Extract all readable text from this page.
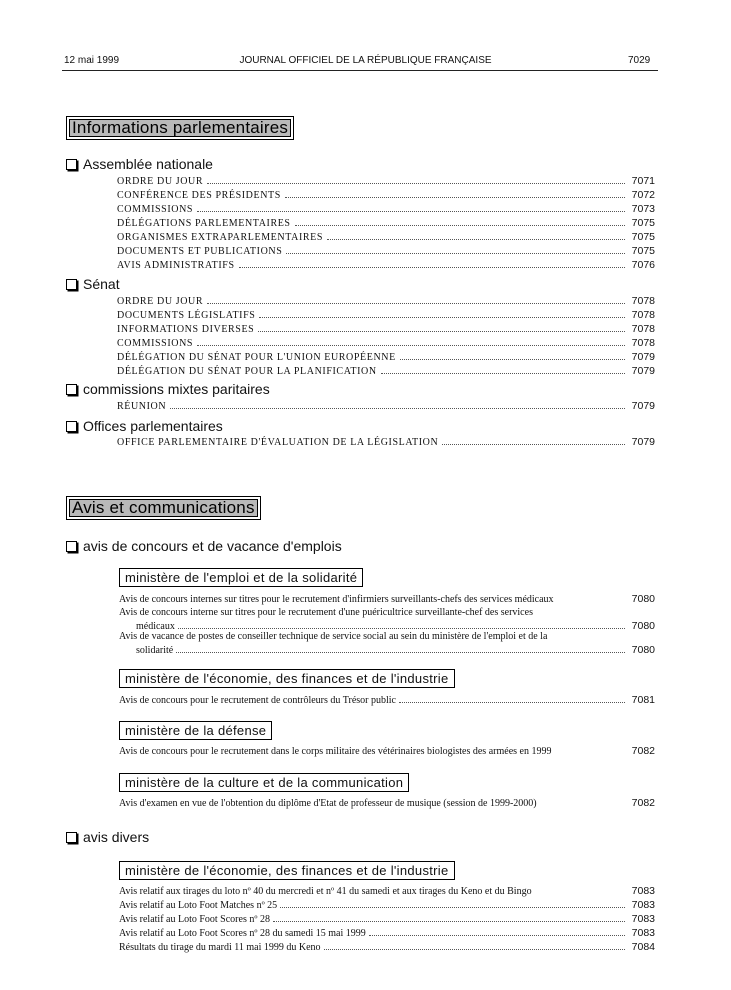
12 mai 1999	JOURNAL OFFICIEL DE LA RÉPUBLIQUE FRANÇAISE	7029
Informations parlementaires
Assemblée nationale
ORDRE DU JOUR	7071
CONFÉRENCE DES PRÉSIDENTS	7072
COMMISSIONS	7073
DÉLÉGATIONS PARLEMENTAIRES	7075
ORGANISMES EXTRAPARLEMENTAIRES	7075
DOCUMENTS ET PUBLICATIONS	7075
AVIS ADMINISTRATIFS	7076
Sénat
ORDRE DU JOUR	7078
DOCUMENTS LÉGISLATIFS	7078
INFORMATIONS DIVERSES	7078
COMMISSIONS	7078
DÉLÉGATION DU SÉNAT POUR L'UNION EUROPÉENNE	7079
DÉLÉGATION DU SÉNAT POUR LA PLANIFICATION	7079
commissions mixtes paritaires
RÉUNION	7079
Offices parlementaires
OFFICE PARLEMENTAIRE D'ÉVALUATION DE LA LÉGISLATION	7079
Avis et communications
avis de concours et de vacance d'emplois
ministère de l'emploi et de la solidarité
Avis de concours internes sur titres pour le recrutement d'infirmiers surveillants-chefs des services médicaux	7080
Avis de concours interne sur titres pour le recrutement d'une puéricultrice surveillante-chef des services
médicaux	7080
Avis de vacance de postes de conseiller technique de service social au sein du ministère de l'emploi et de la
solidarité	7080
ministère de l'économie, des finances et de l'industrie
Avis de concours pour le recrutement de contrôleurs du Trésor public	7081
ministère de la défense
Avis de concours pour le recrutement dans le corps militaire des vétérinaires biologistes des armées en 1999	7082
ministère de la culture et de la communication
Avis d'examen en vue de l'obtention du diplôme d'Etat de professeur de musique (session de 1999-2000)	7082
avis divers
ministère de l'économie, des finances et de l'industrie
Avis relatif aux tirages du loto nº 40 du mercredi et nº 41 du samedi et aux tirages du Keno et du Bingo	7083
Avis relatif au Loto Foot Matches nº 25	7083
Avis relatif au Loto Foot Scores nº 28	7083
Avis relatif au Loto Foot Scores nº 28 du samedi 15 mai 1999	7083
Résultats du tirage du mardi 11 mai 1999 du Keno	7084
